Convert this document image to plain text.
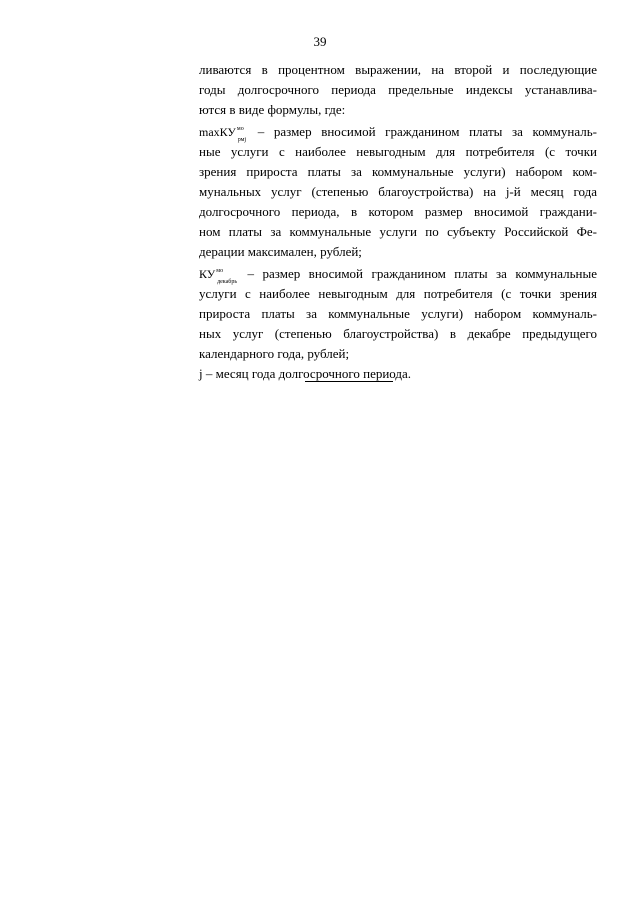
39
ливаются в процентном выражении, на второй и последующие
годы долгосрочного периода предельные индексы устанавлива-
ются в виде формулы, где:
maxКУ$^{мо}_{рмj}$ – размер вносимой гражданином платы за коммуналь-
ные услуги с наиболее невыгодным для потребителя (с точки
зрения прироста платы за коммунальные услуги) набором ком-
мунальных услуг (степенью благоустройства) на j-й месяц года
долгосрочного периода, в котором размер вносимой граждани-
ном платы за коммунальные услуги по субъекту Российской Фе-
дерации максимален, рублей;
$КУ^{мо}_{декабрь}$ – размер вносимой гражданином платы за коммунальные
услуги с наиболее невыгодным для потребителя (с точки зрения
прироста платы за коммунальные услуги) набором коммуналь-
ных услуг (степенью благоустройства) в декабре предыдущего
календарного года, рублей;
j – месяц года долгосрочного периода.
